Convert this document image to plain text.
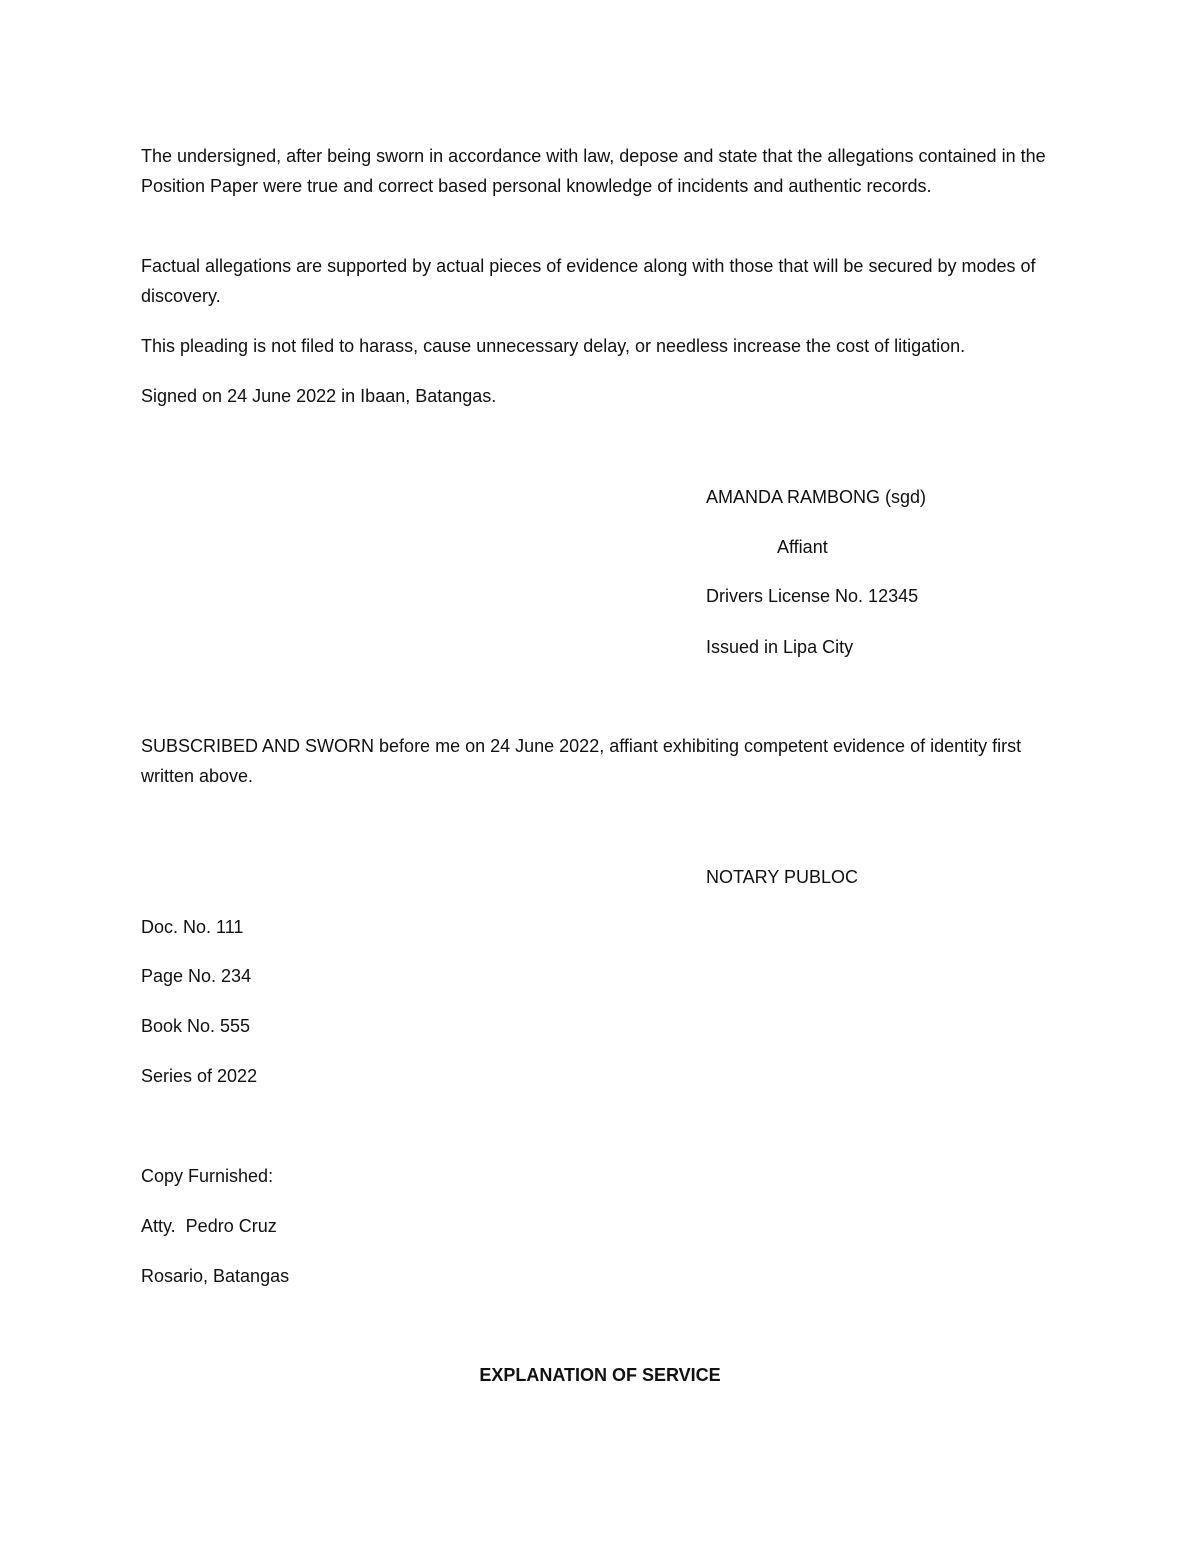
The undersigned, after being sworn in accordance with law, depose and state that the allegations contained in the Position Paper were true and correct based personal knowledge of incidents and authentic records.

Factual allegations are supported by actual pieces of evidence along with those that will be secured by modes of discovery.

This pleading is not filed to harass, cause unnecessary delay, or needless increase the cost of litigation.

Signed on 24 June 2022 in Ibaan, Batangas.

AMANDA RAMBONG (sgd)

Affiant

Drivers License No. 12345

Issued in Lipa City

SUBSCRIBED AND SWORN before me on 24 June 2022, affiant exhibiting competent evidence of identity first written above.

NOTARY PUBLOC

Doc. No. 111

Page No. 234

Book No. 555

Series of 2022

Copy Furnished:

Atty.  Pedro Cruz

Rosario, Batangas

EXPLANATION OF SERVICE
